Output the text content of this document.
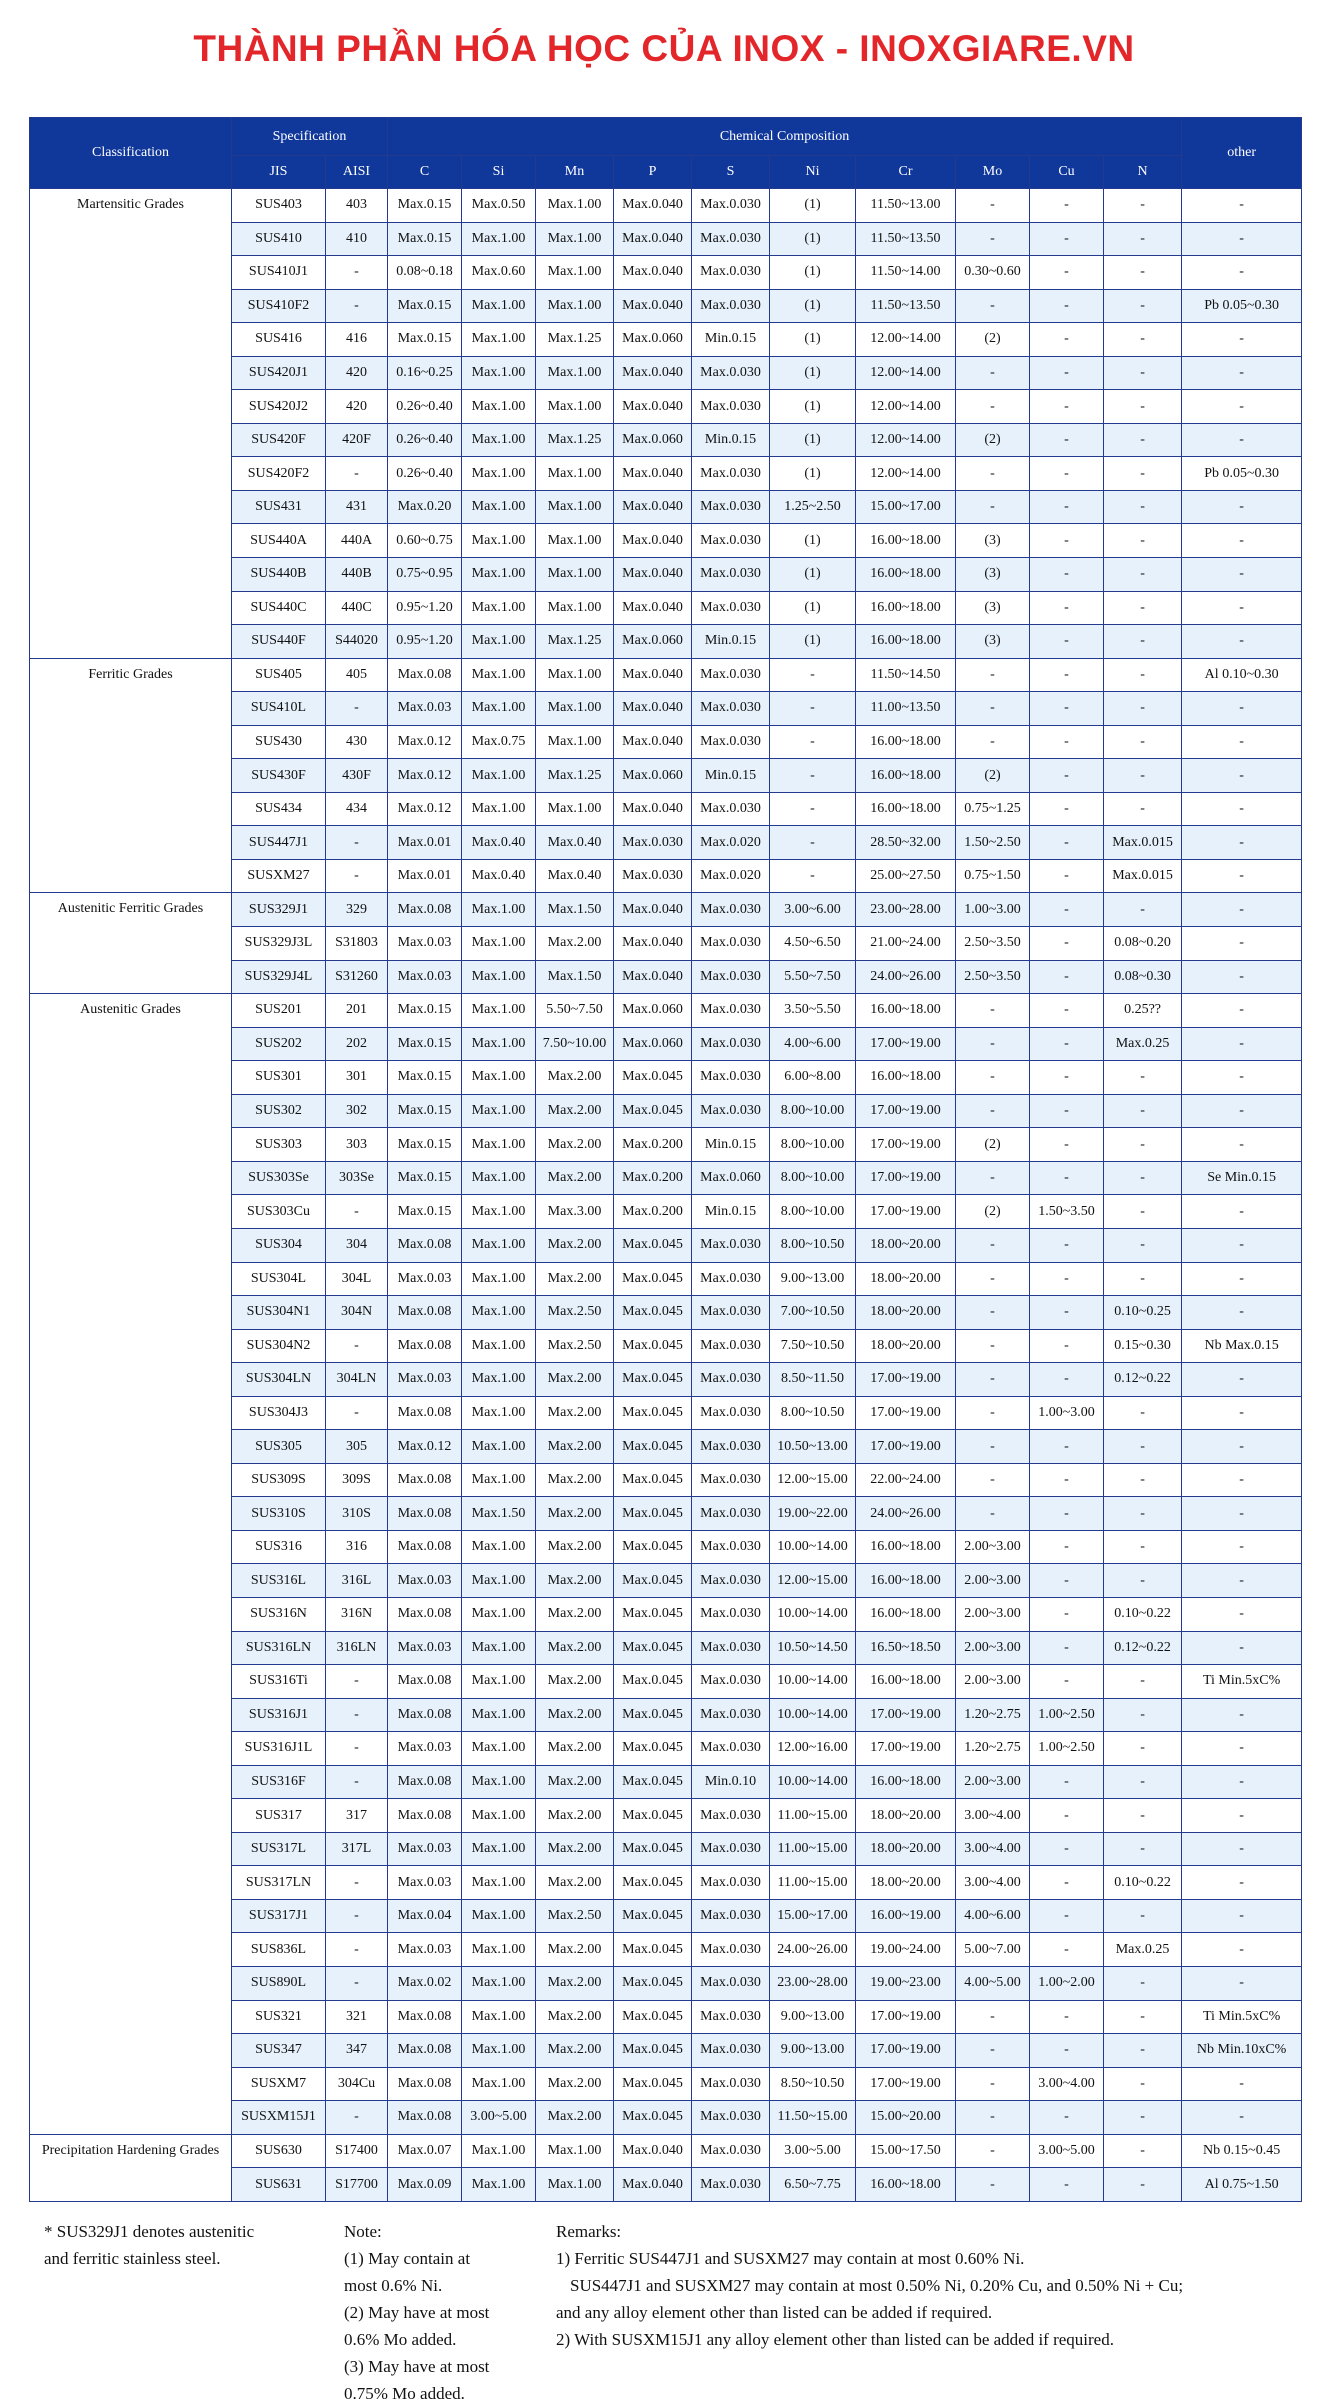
THÀNH PHẦN HÓA HỌC CỦA INOX - INOXGIARE.VN
Classification	Specification		Chemical Composition										other
	JIS	AISI	C	Si	Mn	P	S	Ni	Cr	Mo	Cu	N	
Martensitic Grades	SUS403	403	Max.0.15	Max.0.50	Max.1.00	Max.0.040	Max.0.030	(1)	11.50~13.00	-	-	-	-
	SUS410	410	Max.0.15	Max.1.00	Max.1.00	Max.0.040	Max.0.030	(1)	11.50~13.50	-	-	-	-
	SUS410J1	-	0.08~0.18	Max.0.60	Max.1.00	Max.0.040	Max.0.030	(1)	11.50~14.00	0.30~0.60	-	-	-
	SUS410F2	-	Max.0.15	Max.1.00	Max.1.00	Max.0.040	Max.0.030	(1)	11.50~13.50	-	-	-	Pb 0.05~0.30
	SUS416	416	Max.0.15	Max.1.00	Max.1.25	Max.0.060	Min.0.15	(1)	12.00~14.00	(2)	-	-	-
	SUS420J1	420	0.16~0.25	Max.1.00	Max.1.00	Max.0.040	Max.0.030	(1)	12.00~14.00	-	-	-	-
	SUS420J2	420	0.26~0.40	Max.1.00	Max.1.00	Max.0.040	Max.0.030	(1)	12.00~14.00	-	-	-	-
	SUS420F	420F	0.26~0.40	Max.1.00	Max.1.25	Max.0.060	Min.0.15	(1)	12.00~14.00	(2)	-	-	-
	SUS420F2	-	0.26~0.40	Max.1.00	Max.1.00	Max.0.040	Max.0.030	(1)	12.00~14.00	-	-	-	Pb 0.05~0.30
	SUS431	431	Max.0.20	Max.1.00	Max.1.00	Max.0.040	Max.0.030	1.25~2.50	15.00~17.00	-	-	-	-
	SUS440A	440A	0.60~0.75	Max.1.00	Max.1.00	Max.0.040	Max.0.030	(1)	16.00~18.00	(3)	-	-	-
	SUS440B	440B	0.75~0.95	Max.1.00	Max.1.00	Max.0.040	Max.0.030	(1)	16.00~18.00	(3)	-	-	-
	SUS440C	440C	0.95~1.20	Max.1.00	Max.1.00	Max.0.040	Max.0.030	(1)	16.00~18.00	(3)	-	-	-
	SUS440F	S44020	0.95~1.20	Max.1.00	Max.1.25	Max.0.060	Min.0.15	(1)	16.00~18.00	(3)	-	-	-
Ferritic Grades	SUS405	405	Max.0.08	Max.1.00	Max.1.00	Max.0.040	Max.0.030	-	11.50~14.50	-	-	-	Al 0.10~0.30
	SUS410L	-	Max.0.03	Max.1.00	Max.1.00	Max.0.040	Max.0.030	-	11.00~13.50	-	-	-	-
	SUS430	430	Max.0.12	Max.0.75	Max.1.00	Max.0.040	Max.0.030	-	16.00~18.00	-	-	-	-
	SUS430F	430F	Max.0.12	Max.1.00	Max.1.25	Max.0.060	Min.0.15	-	16.00~18.00	(2)	-	-	-
	SUS434	434	Max.0.12	Max.1.00	Max.1.00	Max.0.040	Max.0.030	-	16.00~18.00	0.75~1.25	-	-	-
	SUS447J1	-	Max.0.01	Max.0.40	Max.0.40	Max.0.030	Max.0.020	-	28.50~32.00	1.50~2.50	-	Max.0.015	-
	SUSXM27	-	Max.0.01	Max.0.40	Max.0.40	Max.0.030	Max.0.020	-	25.00~27.50	0.75~1.50	-	Max.0.015	-
Austenitic Ferritic Grades	SUS329J1	329	Max.0.08	Max.1.00	Max.1.50	Max.0.040	Max.0.030	3.00~6.00	23.00~28.00	1.00~3.00	-	-	-
	SUS329J3L	S31803	Max.0.03	Max.1.00	Max.2.00	Max.0.040	Max.0.030	4.50~6.50	21.00~24.00	2.50~3.50	-	0.08~0.20	-
	SUS329J4L	S31260	Max.0.03	Max.1.00	Max.1.50	Max.0.040	Max.0.030	5.50~7.50	24.00~26.00	2.50~3.50	-	0.08~0.30	-
Austenitic Grades	SUS201	201	Max.0.15	Max.1.00	5.50~7.50	Max.0.060	Max.0.030	3.50~5.50	16.00~18.00	-	-	0.25??	-
	SUS202	202	Max.0.15	Max.1.00	7.50~10.00	Max.0.060	Max.0.030	4.00~6.00	17.00~19.00	-	-	Max.0.25	-
	SUS301	301	Max.0.15	Max.1.00	Max.2.00	Max.0.045	Max.0.030	6.00~8.00	16.00~18.00	-	-	-	-
	SUS302	302	Max.0.15	Max.1.00	Max.2.00	Max.0.045	Max.0.030	8.00~10.00	17.00~19.00	-	-	-	-
	SUS303	303	Max.0.15	Max.1.00	Max.2.00	Max.0.200	Min.0.15	8.00~10.00	17.00~19.00	(2)	-	-	-
	SUS303Se	303Se	Max.0.15	Max.1.00	Max.2.00	Max.0.200	Max.0.060	8.00~10.00	17.00~19.00	-	-	-	Se Min.0.15
	SUS303Cu	-	Max.0.15	Max.1.00	Max.3.00	Max.0.200	Min.0.15	8.00~10.00	17.00~19.00	(2)	1.50~3.50	-	-
	SUS304	304	Max.0.08	Max.1.00	Max.2.00	Max.0.045	Max.0.030	8.00~10.50	18.00~20.00	-	-	-	-
	SUS304L	304L	Max.0.03	Max.1.00	Max.2.00	Max.0.045	Max.0.030	9.00~13.00	18.00~20.00	-	-	-	-
	SUS304N1	304N	Max.0.08	Max.1.00	Max.2.50	Max.0.045	Max.0.030	7.00~10.50	18.00~20.00	-	-	0.10~0.25	-
	SUS304N2	-	Max.0.08	Max.1.00	Max.2.50	Max.0.045	Max.0.030	7.50~10.50	18.00~20.00	-	-	0.15~0.30	Nb Max.0.15
	SUS304LN	304LN	Max.0.03	Max.1.00	Max.2.00	Max.0.045	Max.0.030	8.50~11.50	17.00~19.00	-	-	0.12~0.22	-
	SUS304J3	-	Max.0.08	Max.1.00	Max.2.00	Max.0.045	Max.0.030	8.00~10.50	17.00~19.00	-	1.00~3.00	-	-
	SUS305	305	Max.0.12	Max.1.00	Max.2.00	Max.0.045	Max.0.030	10.50~13.00	17.00~19.00	-	-	-	-
	SUS309S	309S	Max.0.08	Max.1.00	Max.2.00	Max.0.045	Max.0.030	12.00~15.00	22.00~24.00	-	-	-	-
	SUS310S	310S	Max.0.08	Max.1.50	Max.2.00	Max.0.045	Max.0.030	19.00~22.00	24.00~26.00	-	-	-	-
	SUS316	316	Max.0.08	Max.1.00	Max.2.00	Max.0.045	Max.0.030	10.00~14.00	16.00~18.00	2.00~3.00	-	-	-
	SUS316L	316L	Max.0.03	Max.1.00	Max.2.00	Max.0.045	Max.0.030	12.00~15.00	16.00~18.00	2.00~3.00	-	-	-
	SUS316N	316N	Max.0.08	Max.1.00	Max.2.00	Max.0.045	Max.0.030	10.00~14.00	16.00~18.00	2.00~3.00	-	0.10~0.22	-
	SUS316LN	316LN	Max.0.03	Max.1.00	Max.2.00	Max.0.045	Max.0.030	10.50~14.50	16.50~18.50	2.00~3.00	-	0.12~0.22	-
	SUS316Ti	-	Max.0.08	Max.1.00	Max.2.00	Max.0.045	Max.0.030	10.00~14.00	16.00~18.00	2.00~3.00	-	-	Ti Min.5xC%
	SUS316J1	-	Max.0.08	Max.1.00	Max.2.00	Max.0.045	Max.0.030	10.00~14.00	17.00~19.00	1.20~2.75	1.00~2.50	-	-
	SUS316J1L	-	Max.0.03	Max.1.00	Max.2.00	Max.0.045	Max.0.030	12.00~16.00	17.00~19.00	1.20~2.75	1.00~2.50	-	-
	SUS316F	-	Max.0.08	Max.1.00	Max.2.00	Max.0.045	Min.0.10	10.00~14.00	16.00~18.00	2.00~3.00	-	-	-
	SUS317	317	Max.0.08	Max.1.00	Max.2.00	Max.0.045	Max.0.030	11.00~15.00	18.00~20.00	3.00~4.00	-	-	-
	SUS317L	317L	Max.0.03	Max.1.00	Max.2.00	Max.0.045	Max.0.030	11.00~15.00	18.00~20.00	3.00~4.00	-	-	-
	SUS317LN	-	Max.0.03	Max.1.00	Max.2.00	Max.0.045	Max.0.030	11.00~15.00	18.00~20.00	3.00~4.00	-	0.10~0.22	-
	SUS317J1	-	Max.0.04	Max.1.00	Max.2.50	Max.0.045	Max.0.030	15.00~17.00	16.00~19.00	4.00~6.00	-	-	-
	SUS836L	-	Max.0.03	Max.1.00	Max.2.00	Max.0.045	Max.0.030	24.00~26.00	19.00~24.00	5.00~7.00	-	Max.0.25	-
	SUS890L	-	Max.0.02	Max.1.00	Max.2.00	Max.0.045	Max.0.030	23.00~28.00	19.00~23.00	4.00~5.00	1.00~2.00	-	-
	SUS321	321	Max.0.08	Max.1.00	Max.2.00	Max.0.045	Max.0.030	9.00~13.00	17.00~19.00	-	-	-	Ti Min.5xC%
	SUS347	347	Max.0.08	Max.1.00	Max.2.00	Max.0.045	Max.0.030	9.00~13.00	17.00~19.00	-	-	-	Nb Min.10xC%
	SUSXM7	304Cu	Max.0.08	Max.1.00	Max.2.00	Max.0.045	Max.0.030	8.50~10.50	17.00~19.00	-	3.00~4.00	-	-
	SUSXM15J1	-	Max.0.08	3.00~5.00	Max.2.00	Max.0.045	Max.0.030	11.50~15.00	15.00~20.00	-	-	-	-
Precipitation Hardening Grades	SUS630	S17400	Max.0.07	Max.1.00	Max.1.00	Max.0.040	Max.0.030	3.00~5.00	15.00~17.50	-	3.00~5.00	-	Nb 0.15~0.45
	SUS631	S17700	Max.0.09	Max.1.00	Max.1.00	Max.0.040	Max.0.030	6.50~7.75	16.00~18.00	-	-	-	Al 0.75~1.50
* SUS329J1 denotes austenitic
and ferritic stainless steel.
Note:
(1) May contain at
most 0.6% Ni.
(2) May have at most
0.6% Mo added.
(3) May have at most
0.75% Mo added.
Remarks:
1) Ferritic SUS447J1 and SUSXM27 may contain at most 0.60% Ni.
SUS447J1 and SUSXM27 may contain at most 0.50% Ni, 0.20% Cu, and 0.50% Ni + Cu;
and any alloy element other than listed can be added if required.
2) With SUSXM15J1 any alloy element other than listed can be added if required.
